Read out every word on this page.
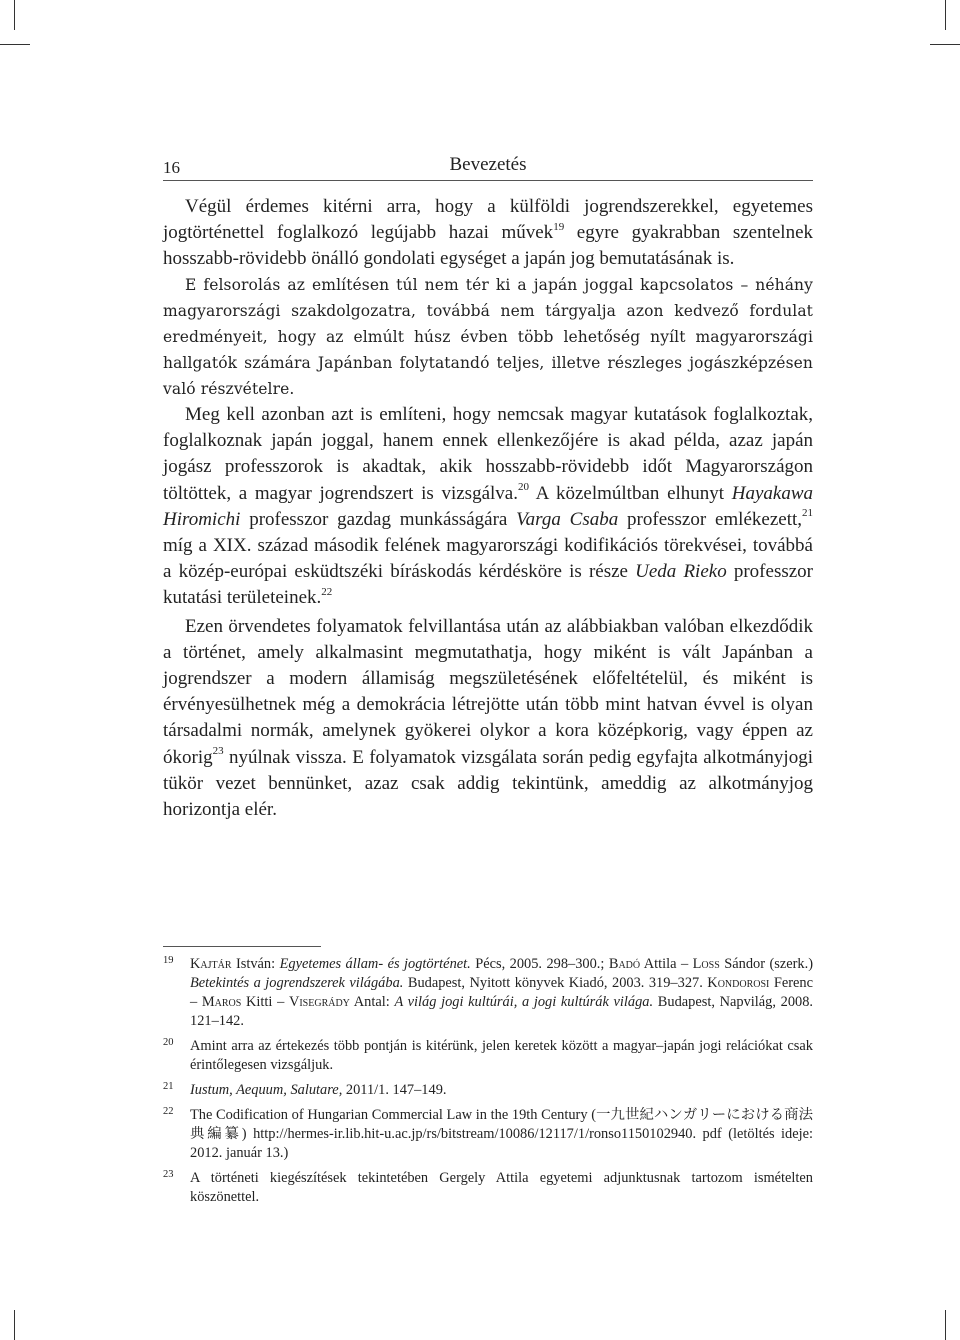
16	Bevezetés

Végül érdemes kitérni arra, hogy a külföldi jogrendszerekkel, egyetemes jogtörténettel foglalkozó legújabb hazai művek$^{19}$ egyre gyakrabban szentelnek hosszabb-rövidebb önálló gondolati egységet a japán jog bemutatásának is.

E felsorolás az említésen túl nem tér ki a japán joggal kapcsolatos – néhány magyarországi szakdolgozatra, továbbá nem tárgyalja azon kedvező fordulat eredményeit, hogy az elmúlt húsz évben több lehetőség nyílt magyarországi hallgatók számára Japánban folytatandó teljes, illetve részleges jogászképzésen való részvételre.

Meg kell azonban azt is említeni, hogy nemcsak magyar kutatások foglalkoztak, foglalkoznak japán joggal, hanem ennek ellenkezőjére is akad példa, azaz japán jogász professzorok is akadtak, akik hosszabb-rövidebb időt Magyarországon töltöttek, a magyar jogrendszert is vizsgálva.$^{20}$ A közelmúltban elhunyt Hayakawa Hiromichi professzor gazdag munkásságára Varga Csaba professzor emlékezett,$^{21}$ míg a XIX. század második felének magyarországi kodifikációs törekvései, továbbá a közép-európai esküdtszéki bíráskodás kérdésköre is része Ueda Rieko professzor kutatási területeinek.$^{22}$

Ezen örvendetes folyamatok felvillantása után az alábbiakban valóban elkezdődik a történet, amely alkalmasint megmutathatja, hogy miként is vált Japánban a jogrendszer a modern államiság megszületésének előfeltételül, és miként is érvényesülhetnek még a demokrácia létrejötte után több mint hatvan évvel is olyan társadalmi normák, amelynek gyökerei olykor a kora középkorig, vagy éppen az ókorig$^{23}$ nyúlnak vissza. E folyamatok vizsgálata során pedig egyfajta alkotmányjogi tükör vezet bennünket, azaz csak addig tekintünk, ameddig az alkotmányjog horizontja elér.

19 Kajtár István: Egyetemes állam- és jogtörténet. Pécs, 2005. 298–300.; Badó Attila – Loss Sándor (szerk.) Betekintés a jogrendszerek világába. Budapest, Nyitott könyvek Kiadó, 2003. 319–327. Kondorosi Ferenc – Maros Kitti – Visegrády Antal: A világ jogi kultúrái, a jogi kultúrák világa. Budapest, Napvilág, 2008. 121–142.
20 Amint arra az értekezés több pontján is kitérünk, jelen keretek között a magyar–japán jogi relációkat csak érintőlegesen vizsgáljuk.
21 Iustum, Aequum, Salutare, 2011/1. 147–149.
22 The Codification of Hungarian Commercial Law in the 19th Century (一九世紀ハンガリーにおける商法典編纂) http://hermes-ir.lib.hit-u.ac.jp/rs/bitstream/10086/12117/1/ronso1150102940. pdf (letöltés ideje: 2012. január 13.)
23 A történeti kiegészítések tekintetében Gergely Attila egyetemi adjunktusnak tartozom ismételten köszönettel.
